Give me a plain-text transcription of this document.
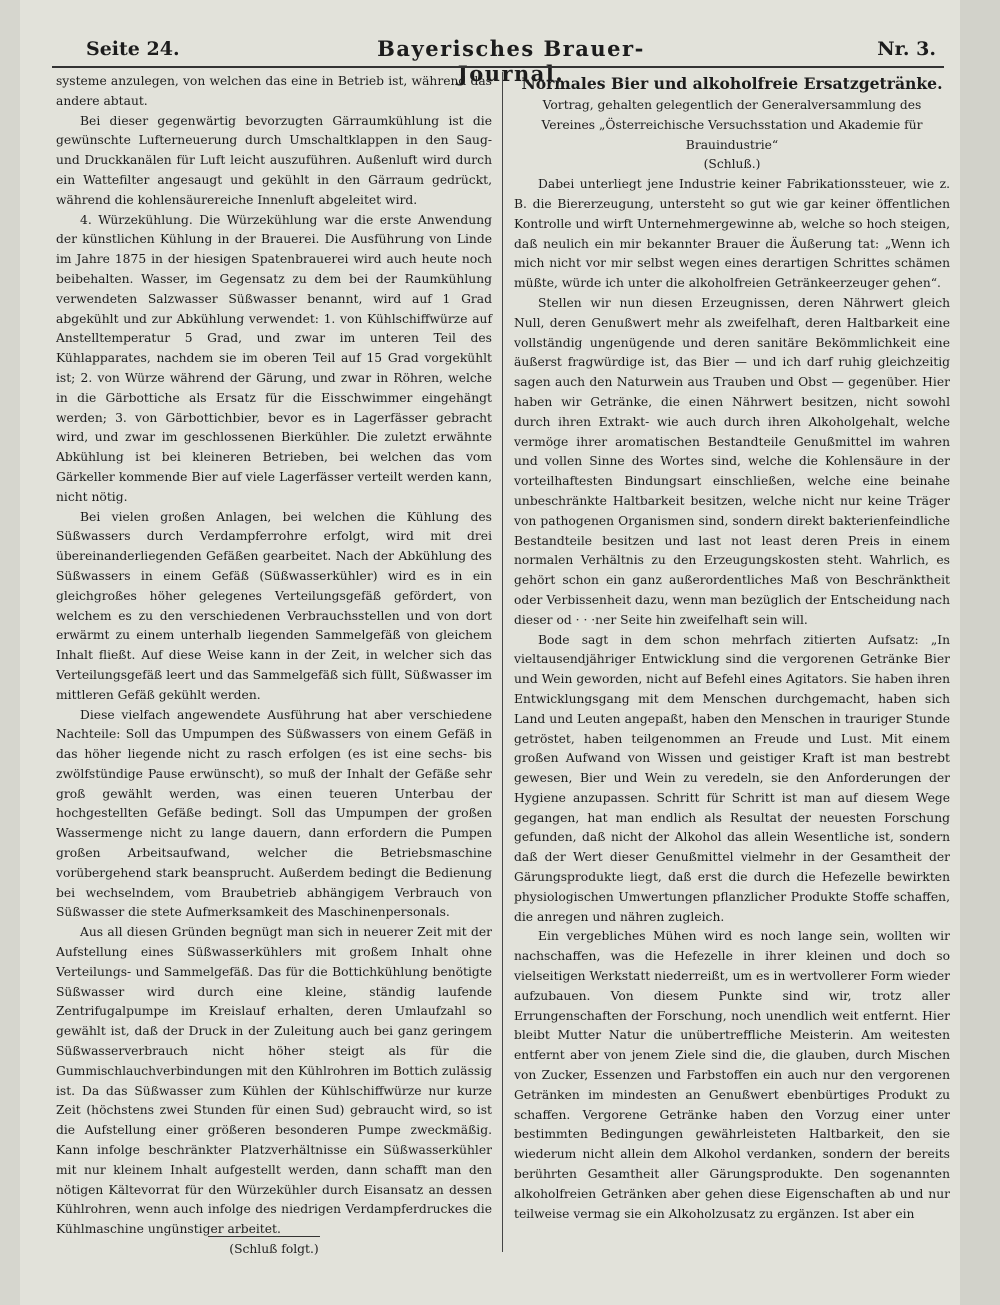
Seite 24.	Bayerisches Brauer-Journal.
Nr. 3.

systeme anzulegen, von welchen das eine in Betrieb ist, während das andere abtaut.

Bei dieser gegenwärtig bevorzugten Gärraumkühlung ist die gewünschte Lufterneuerung durch Umschaltklappen in den Saug- und Druckkanälen für Luft leicht auszuführen. Außenluft wird durch ein Wattefilter angesaugt und gekühlt in den Gärraum gedrückt, während die kohlensäurereiche Innenluft abgeleitet wird.

4. Würzekühlung. Die Würzekühlung war die erste Anwendung der künstlichen Kühlung in der Brauerei. Die Ausführung von Linde im Jahre 1875 in der hiesigen Spatenbrauerei wird auch heute noch beibehalten. Wasser, im Gegensatz zu dem bei der Raumkühlung verwendeten Salzwasser Süßwasser benannt, wird auf 1 Grad abgekühlt und zur Abkühlung verwendet: 1. von Kühlschiffwürze auf Anstelltemperatur 5 Grad, und zwar im unteren Teil des Kühlapparates, nachdem sie im oberen Teil auf 15 Grad vorgekühlt ist; 2. von Würze während der Gärung, und zwar in Röhren, welche in die Gärbottiche als Ersatz für die Eisschwimmer eingehängt werden; 3. von Gärbottichbier, bevor es in Lagerfässer gebracht wird, und zwar im geschlossenen Bierkühler. Die zuletzt erwähnte Abkühlung ist bei kleineren Betrieben, bei welchen das vom Gärkeller kommende Bier auf viele Lagerfässer verteilt werden kann, nicht nötig.

Bei vielen großen Anlagen, bei welchen die Kühlung des Süßwassers durch Verdampferrohre erfolgt, wird mit drei übereinanderliegenden Gefäßen gearbeitet. Nach der Abkühlung des Süßwassers in einem Gefäß (Süßwasserkühler) wird es in ein gleichgroßes höher gelegenes Verteilungsgefäß gefördert, von welchem es zu den verschiedenen Verbrauchsstellen und von dort erwärmt zu einem unterhalb liegenden Sammelgefäß von gleichem Inhalt fließt. Auf diese Weise kann in der Zeit, in welcher sich das Verteilungsgefäß leert und das Sammelgefäß sich füllt, Süßwasser im mittleren Gefäß gekühlt werden.

Diese vielfach angewendete Ausführung hat aber verschiedene Nachteile: Soll das Umpumpen des Süßwassers von einem Gefäß in das höher liegende nicht zu rasch erfolgen (es ist eine sechs- bis zwölfstündige Pause erwünscht), so muß der Inhalt der Gefäße sehr groß gewählt werden, was einen teueren Unterbau der hochgestellten Gefäße bedingt. Soll das Umpumpen der großen Wassermenge nicht zu lange dauern, dann erfordern die Pumpen großen Arbeitsaufwand, welcher die Betriebsmaschine vorübergehend stark beansprucht. Außerdem bedingt die Bedienung bei wechselndem, vom Braubetrieb abhängigem Verbrauch von Süßwasser die stete Aufmerksamkeit des Maschinenpersonals.

Aus all diesen Gründen begnügt man sich in neuerer Zeit mit der Aufstellung eines Süßwasserkühlers mit großem Inhalt ohne Verteilungs- und Sammelgefäß. Das für die Bottichkühlung benötigte Süßwasser wird durch eine kleine, ständig laufende Zentrifugalpumpe im Kreislauf erhalten, deren Umlaufzahl so gewählt ist, daß der Druck in der Zuleitung auch bei ganz geringem Süßwasserverbrauch nicht höher steigt als für die Gummischlauchverbindungen mit den Kühlrohren im Bottich zulässig ist. Da das Süßwasser zum Kühlen der Kühlschiffwürze nur kurze Zeit (höchstens zwei Stunden für einen Sud) gebraucht wird, so ist die Aufstellung einer größeren besonderen Pumpe zweckmäßig. Kann infolge beschränkter Platzverhältnisse ein Süßwasserkühler mit nur kleinem Inhalt aufgestellt werden, dann schafft man den nötigen Kältevorrat für den Würzekühler durch Eisansatz an dessen Kühlrohren, wenn auch infolge des niedrigen Verdampferdruckes die Kühlmaschine ungünstiger arbeitet.

(Schluß folgt.)

Normales Bier und alkoholfreie Ersatzgetränke.

Vortrag, gehalten gelegentlich der Generalversammlung des Vereines „Österreichische Versuchsstation und Akademie für Brauindustrie“

(Schluß.)

Dabei unterliegt jene Industrie keiner Fabrikationssteuer, wie z. B. die Biererzeugung, untersteht so gut wie gar keiner öffentlichen Kontrolle und wirft Unternehmergewinne ab, welche so hoch steigen, daß neulich ein mir bekannter Brauer die Äußerung tat: „Wenn ich mich nicht vor mir selbst wegen eines derartigen Schrittes schämen müßte, würde ich unter die alkoholfreien Getränkeerzeuger gehen“.

Stellen wir nun diesen Erzeugnissen, deren Nährwert gleich Null, deren Genußwert mehr als zweifelhaft, deren Haltbarkeit eine vollständig ungenügende und deren sanitäre Bekömmlichkeit eine äußerst fragwürdige ist, das Bier — und ich darf ruhig gleichzeitig sagen auch den Naturwein aus Trauben und Obst — gegenüber. Hier haben wir Getränke, die einen Nährwert besitzen, nicht sowohl durch ihren Extrakt- wie auch durch ihren Alkoholgehalt, welche vermöge ihrer aromatischen Bestandteile Genußmittel im wahren und vollen Sinne des Wortes sind, welche die Kohlensäure in der vorteilhaftesten Bindungsart einschließen, welche eine beinahe unbeschränkte Haltbarkeit besitzen, welche nicht nur keine Träger von pathogenen Organismen sind, sondern direkt bakterienfeindliche Bestandteile besitzen und last not least deren Preis in einem normalen Verhältnis zu den Erzeugungskosten steht. Wahrlich, es gehört schon ein ganz außerordentliches Maß von Beschränktheit oder Verbissenheit dazu, wenn man bezüglich der Entscheidung nach dieser od · · ·ner Seite hin zweifelhaft sein will.

Bode sagt in dem schon mehrfach zitierten Aufsatz: „In vieltausendjähriger Entwicklung sind die vergorenen Getränke Bier und Wein geworden, nicht auf Befehl eines Agitators. Sie haben ihren Entwicklungsgang mit dem Menschen durchgemacht, haben sich Land und Leuten angepaßt, haben den Menschen in trauriger Stunde getröstet, haben teilgenommen an Freude und Lust. Mit einem großen Aufwand von Wissen und geistiger Kraft ist man bestrebt gewesen, Bier und Wein zu veredeln, sie den Anforderungen der Hygiene anzupassen. Schritt für Schritt ist man auf diesem Wege gegangen, hat man endlich als Resultat der neuesten Forschung gefunden, daß nicht der Alkohol das allein Wesentliche ist, sondern daß der Wert dieser Genußmittel vielmehr in der Gesamtheit der Gärungsprodukte liegt, daß erst die durch die Hefezelle bewirkten physiologischen Umwertungen pflanzlicher Produkte Stoffe schaffen, die anregen und nähren zugleich.

Ein vergebliches Mühen wird es noch lange sein, wollten wir nachschaffen, was die Hefezelle in ihrer kleinen und doch so vielseitigen Werkstatt niederreißt, um es in wertvollerer Form wieder aufzubauen. Von diesem Punkte sind wir, trotz aller Errungenschaften der Forschung, noch unendlich weit entfernt. Hier bleibt Mutter Natur die unübertreffliche Meisterin. Am weitesten entfernt aber von jenem Ziele sind die, die glauben, durch Mischen von Zucker, Essenzen und Farbstoffen ein auch nur den vergorenen Getränken im mindesten an Genußwert ebenbürtiges Produkt zu schaffen. Vergorene Getränke haben den Vorzug einer unter bestimmten Bedingungen gewährleisteten Haltbarkeit, den sie wiederum nicht allein dem Alkohol verdanken, sondern der bereits berührten Gesamtheit aller Gärungsprodukte. Den sogenannten alkoholfreien Getränken aber gehen diese Eigenschaften ab und nur teilweise vermag sie ein Alkoholzusatz zu ergänzen. Ist aber ein
